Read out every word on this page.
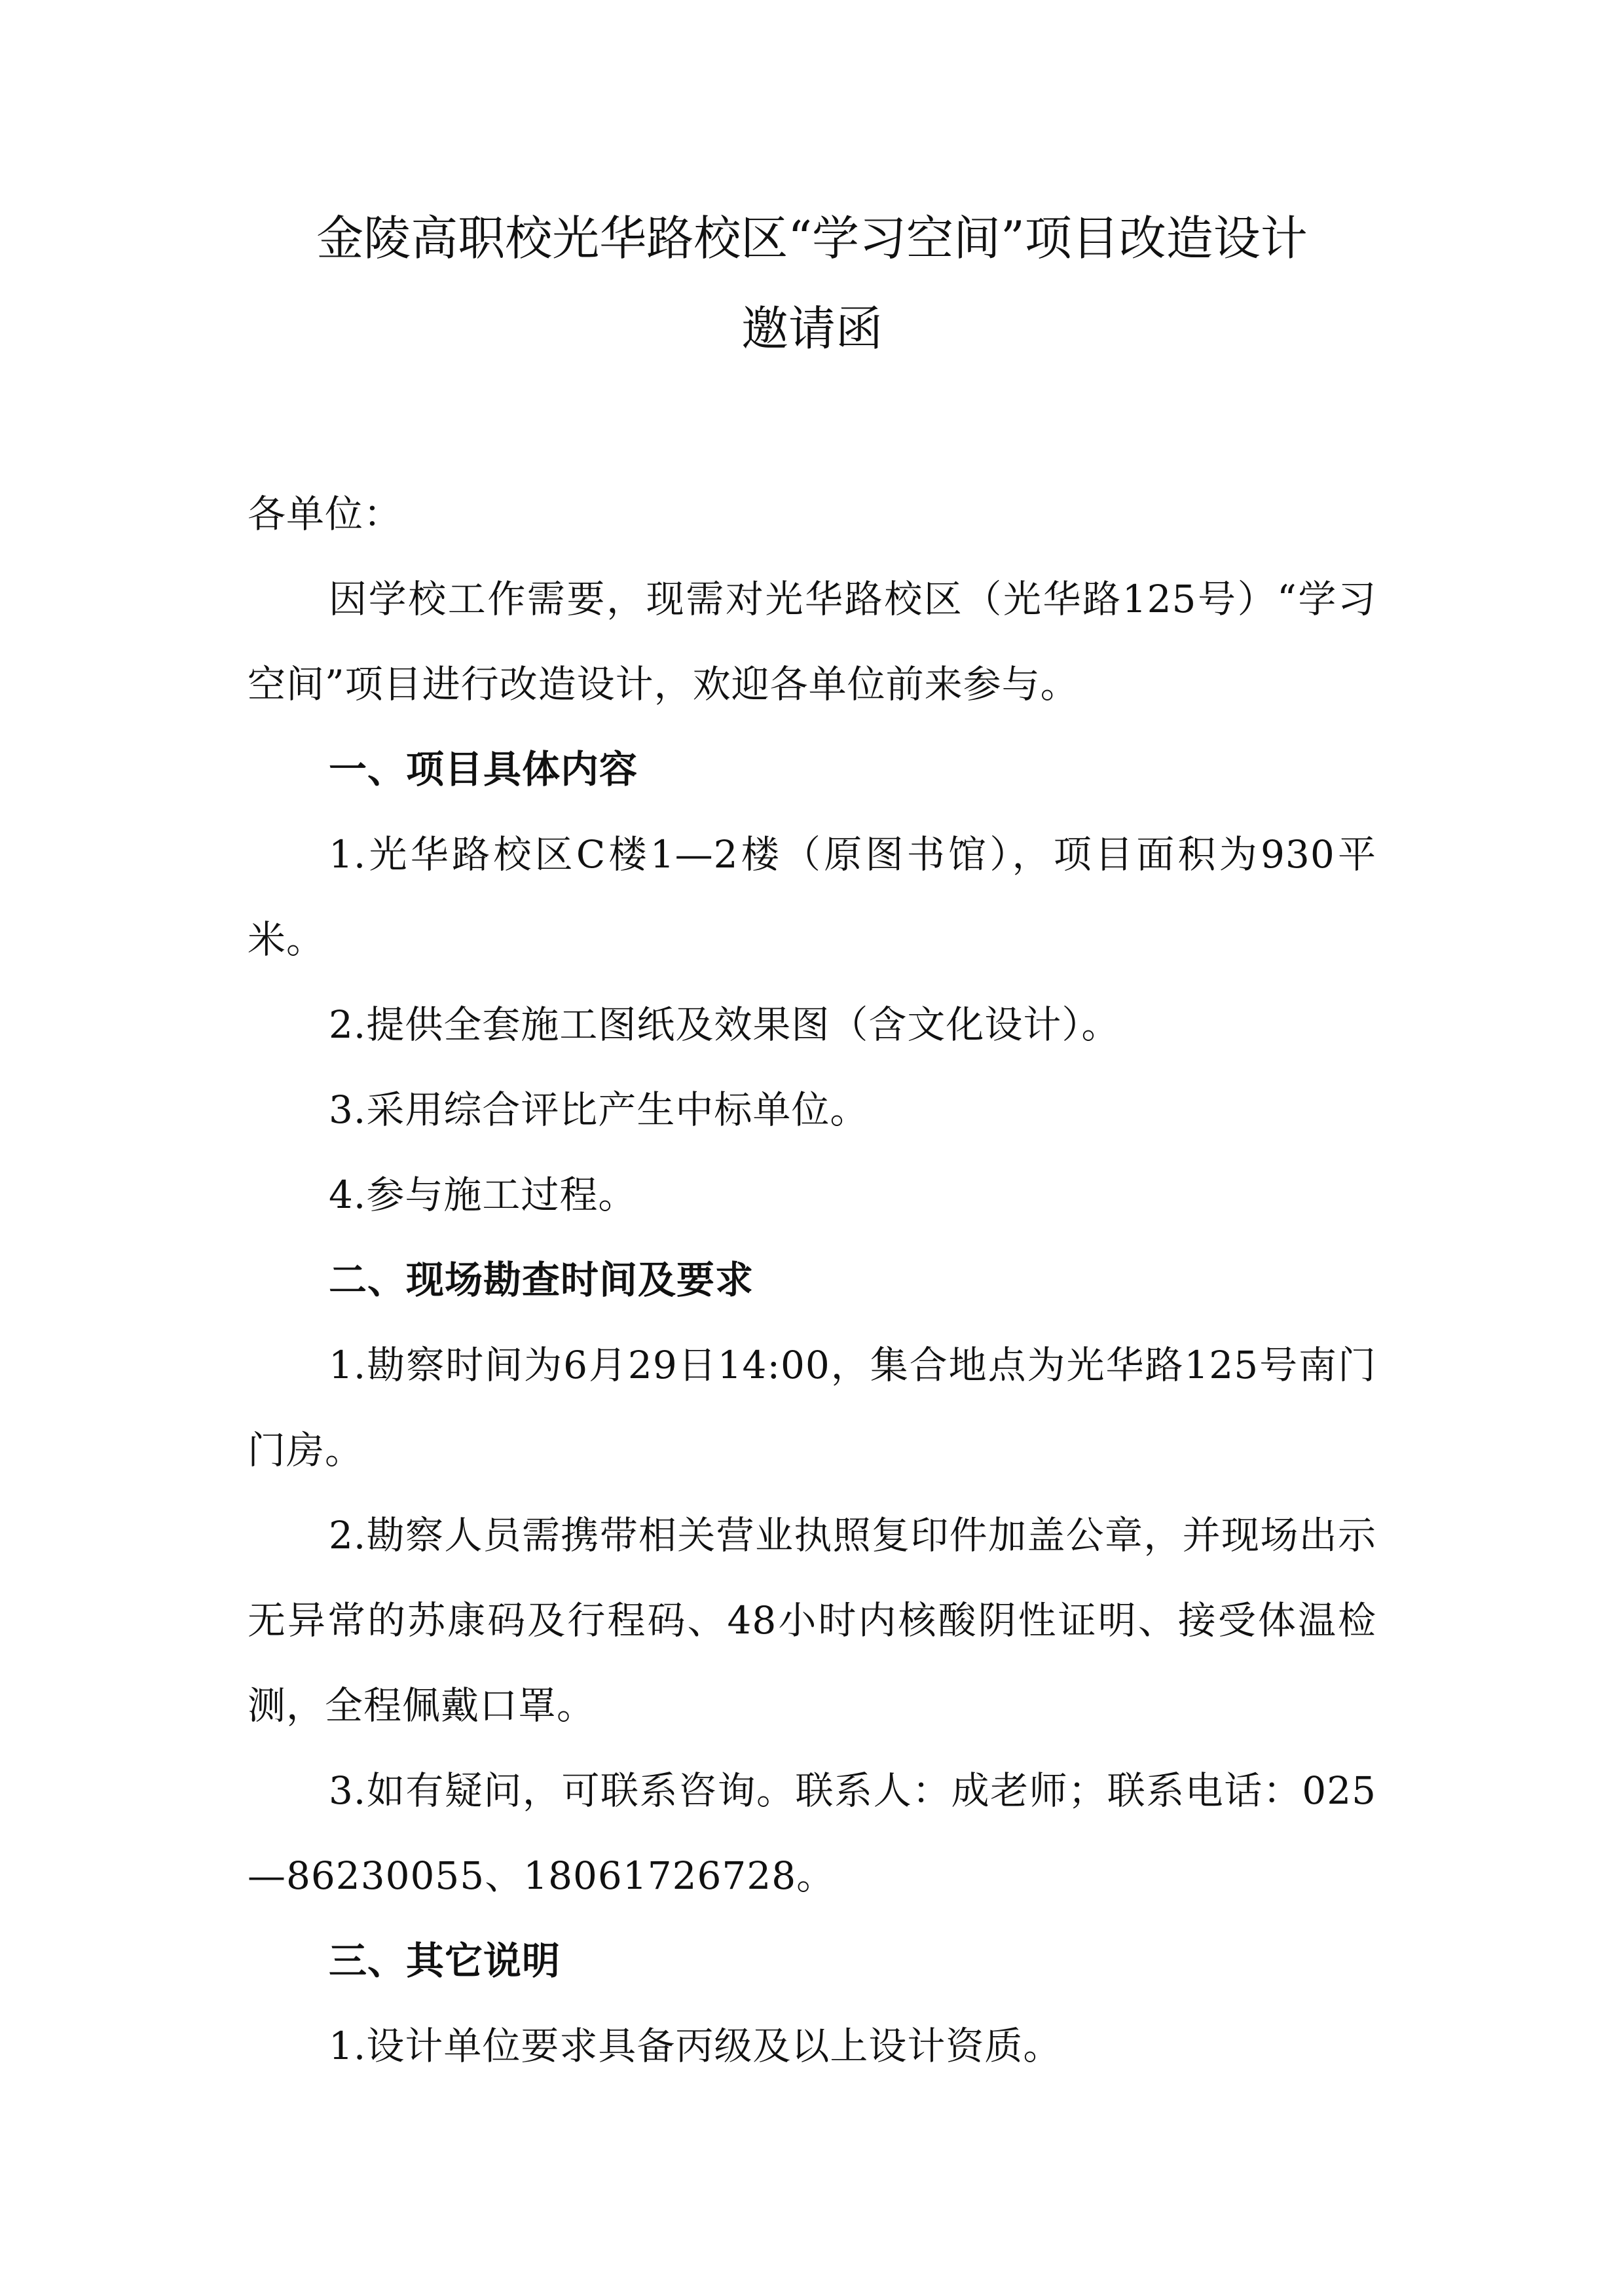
金陵高职校光华路校区“学习空间”项目改造设计
邀请函

各单位：

因学校工作需要，现需对光华路校区（光华路125号）“学习空间”项目进行改造设计，欢迎各单位前来参与。

一、项目具体内容

1.光华路校区C楼1—2楼（原图书馆），项目面积为930平米。

2.提供全套施工图纸及效果图（含文化设计）。

3.采用综合评比产生中标单位。

4.参与施工过程。

二、现场勘查时间及要求

1.勘察时间为6月29日14:00，集合地点为光华路125号南门门房。

2.勘察人员需携带相关营业执照复印件加盖公章，并现场出示无异常的苏康码及行程码、48小时内核酸阴性证明、接受体温检测，全程佩戴口罩。

3.如有疑问，可联系咨询。联系人：成老师；联系电话：025—86230055、18061726728。

三、其它说明

1.设计单位要求具备丙级及以上设计资质。
